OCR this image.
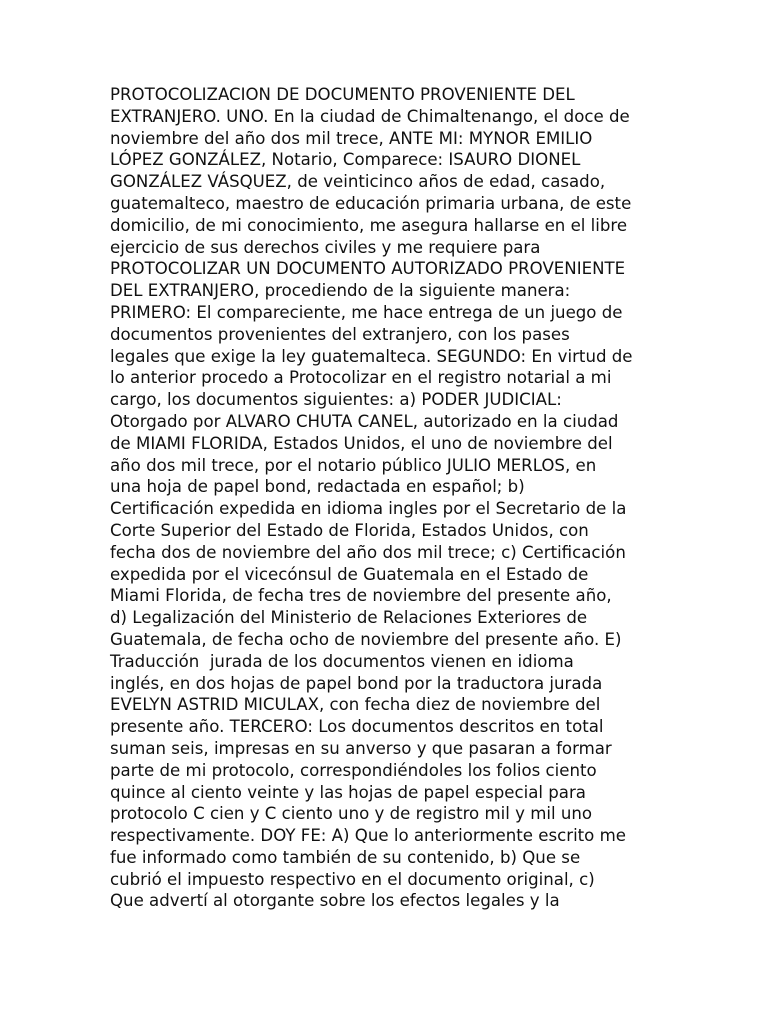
PROTOCOLIZACION DE DOCUMENTO PROVENIENTE DEL
EXTRANJERO. UNO. En la ciudad de Chimaltenango, el doce de
noviembre del año dos mil trece, ANTE MI: MYNOR EMILIO
LÓPEZ GONZÁLEZ, Notario, Comparece: ISAURO DIONEL
GONZÁLEZ VÁSQUEZ, de veinticinco años de edad, casado,
guatemalteco, maestro de educación primaria urbana, de este
domicilio, de mi conocimiento, me asegura hallarse en el libre
ejercicio de sus derechos civiles y me requiere para
PROTOCOLIZAR UN DOCUMENTO AUTORIZADO PROVENIENTE
DEL EXTRANJERO, procediendo de la siguiente manera:
PRIMERO: El compareciente, me hace entrega de un juego de
documentos provenientes del extranjero, con los pases
legales que exige la ley guatemalteca. SEGUNDO: En virtud de
lo anterior procedo a Protocolizar en el registro notarial a mi
cargo, los documentos siguientes: a) PODER JUDICIAL:
Otorgado por ALVARO CHUTA CANEL, autorizado en la ciudad
de MIAMI FLORIDA, Estados Unidos, el uno de noviembre del
año dos mil trece, por el notario público JULIO MERLOS, en
una hoja de papel bond, redactada en español; b)
Certificación expedida en idioma ingles por el Secretario de la
Corte Superior del Estado de Florida, Estados Unidos, con
fecha dos de noviembre del año dos mil trece; c) Certificación
expedida por el vicecónsul de Guatemala en el Estado de
Miami Florida, de fecha tres de noviembre del presente año,
d) Legalización del Ministerio de Relaciones Exteriores de
Guatemala, de fecha ocho de noviembre del presente año. E)
Traducción  jurada de los documentos vienen en idioma
inglés, en dos hojas de papel bond por la traductora jurada
EVELYN ASTRID MICULAX, con fecha diez de noviembre del
presente año. TERCERO: Los documentos descritos en total
suman seis, impresas en su anverso y que pasaran a formar
parte de mi protocolo, correspondiéndoles los folios ciento
quince al ciento veinte y las hojas de papel especial para
protocolo C cien y C ciento uno y de registro mil y mil uno
respectivamente. DOY FE: A) Que lo anteriormente escrito me
fue informado como también de su contenido, b) Que se
cubrió el impuesto respectivo en el documento original, c)
Que advertí al otorgante sobre los efectos legales y la
